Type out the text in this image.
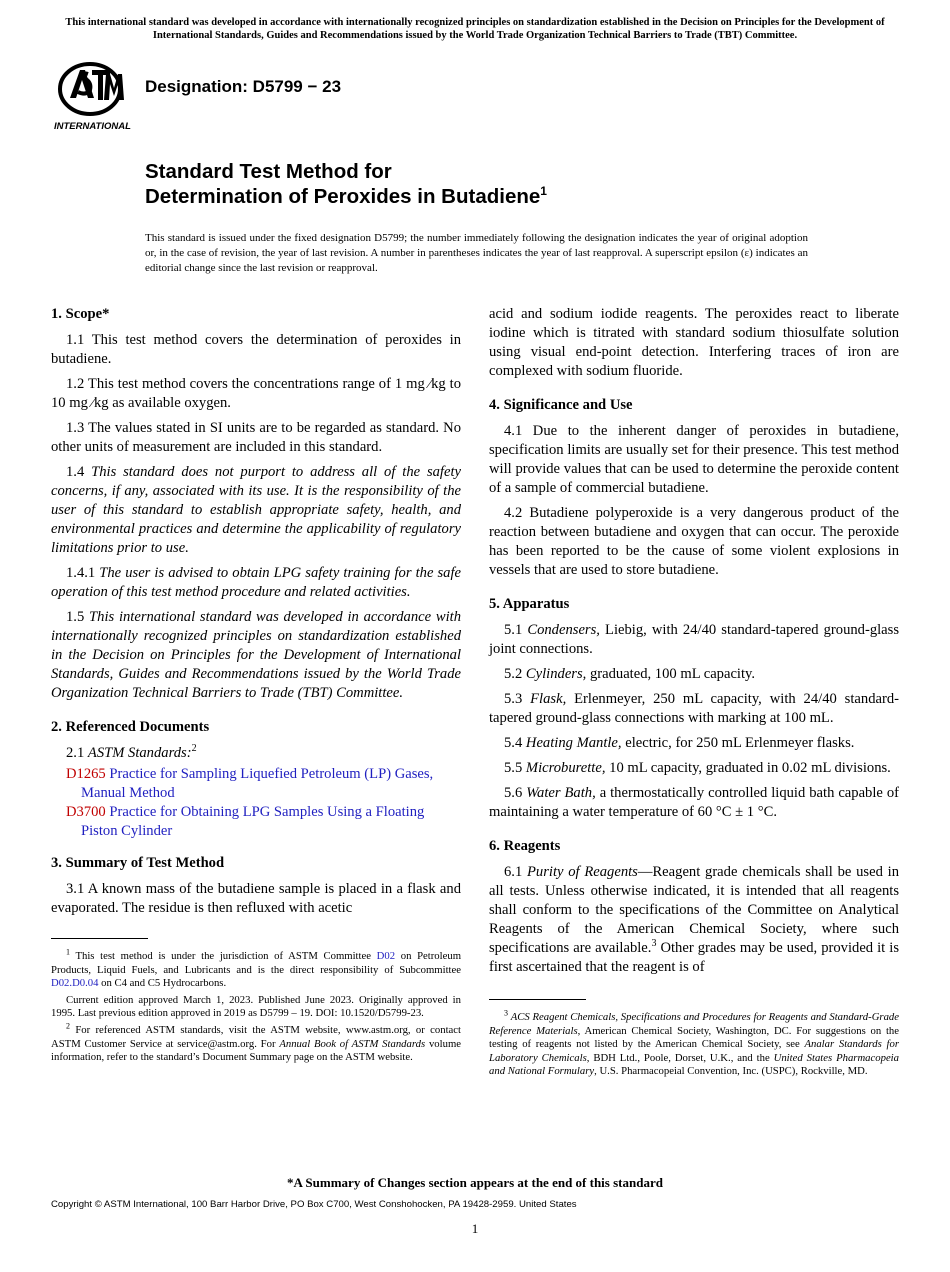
This international standard was developed in accordance with internationally recognized principles on standardization established in the Decision on Principles for the Development of International Standards, Guides and Recommendations issued by the World Trade Organization Technical Barriers to Trade (TBT) Committee.
INTERNATIONAL
Designation: D5799 − 23
Standard Test Method for
Determination of Peroxides in Butadiene$^1$
This standard is issued under the fixed designation D5799; the number immediately following the designation indicates the year of original adoption or, in the case of revision, the year of last revision. A number in parentheses indicates the year of last reapproval. A superscript epsilon (ε) indicates an editorial change since the last revision or reapproval.
1. Scope*

1.1 This test method covers the determination of peroxides in butadiene.

1.2 This test method covers the concentrations range of 1 mg ⁄kg to 10 mg ⁄kg as available oxygen.

1.3 The values stated in SI units are to be regarded as standard. No other units of measurement are included in this standard.

1.4 This standard does not purport to address all of the safety concerns, if any, associated with its use. It is the responsibility of the user of this standard to establish appropriate safety, health, and environmental practices and determine the applicability of regulatory limitations prior to use.

1.4.1 The user is advised to obtain LPG safety training for the safe operation of this test method procedure and related activities.

1.5 This international standard was developed in accordance with internationally recognized principles on standardization established in the Decision on Principles for the Development of International Standards, Guides and Recommendations issued by the World Trade Organization Technical Barriers to Trade (TBT) Committee.

2. Referenced Documents

2.1 ASTM Standards:$^2$

D1265 Practice for Sampling Liquefied Petroleum (LP) Gases, Manual Method

D3700 Practice for Obtaining LPG Samples Using a Floating Piston Cylinder

3. Summary of Test Method

3.1 A known mass of the butadiene sample is placed in a flask and evaporated. The residue is then refluxed with acetic

$^1$ This test method is under the jurisdiction of ASTM Committee D02 on Petroleum Products, Liquid Fuels, and Lubricants and is the direct responsibility of Subcommittee D02.D0.04 on C4 and C5 Hydrocarbons.

Current edition approved March 1, 2023. Published June 2023. Originally approved in 1995. Last previous edition approved in 2019 as D5799 – 19. DOI: 10.1520/D5799-23.

$^2$ For referenced ASTM standards, visit the ASTM website, www.astm.org, or contact ASTM Customer Service at service@astm.org. For Annual Book of ASTM Standards volume information, refer to the standard’s Document Summary page on the ASTM website.

acid and sodium iodide reagents. The peroxides react to liberate iodine which is titrated with standard sodium thiosulfate solution using visual end-point detection. Interfering traces of iron are complexed with sodium fluoride.

4. Significance and Use

4.1 Due to the inherent danger of peroxides in butadiene, specification limits are usually set for their presence. This test method will provide values that can be used to determine the peroxide content of a sample of commercial butadiene.

4.2 Butadiene polyperoxide is a very dangerous product of the reaction between butadiene and oxygen that can occur. The peroxide has been reported to be the cause of some violent explosions in vessels that are used to store butadiene.

5. Apparatus

5.1 Condensers, Liebig, with 24/40 standard-tapered ground-glass joint connections.

5.2 Cylinders, graduated, 100 mL capacity.

5.3 Flask, Erlenmeyer, 250 mL capacity, with 24/40 standard-tapered ground-glass connections with marking at 100 mL.

5.4 Heating Mantle, electric, for 250 mL Erlenmeyer flasks.

5.5 Microburette, 10 mL capacity, graduated in 0.02 mL divisions.

5.6 Water Bath, a thermostatically controlled liquid bath capable of maintaining a water temperature of 60 °C ± 1 °C.

6. Reagents

6.1 Purity of Reagents—Reagent grade chemicals shall be used in all tests. Unless otherwise indicated, it is intended that all reagents shall conform to the specifications of the Committee on Analytical Reagents of the American Chemical Society, where such specifications are available.$^3$ Other grades may be used, provided it is first ascertained that the reagent is of

$^3$ ACS Reagent Chemicals, Specifications and Procedures for Reagents and Standard-Grade Reference Materials, American Chemical Society, Washington, DC. For suggestions on the testing of reagents not listed by the American Chemical Society, see Analar Standards for Laboratory Chemicals, BDH Ltd., Poole, Dorset, U.K., and the United States Pharmacopeia and National Formulary, U.S. Pharmacopeial Convention, Inc. (USPC), Rockville, MD.

*A Summary of Changes section appears at the end of this standard
Copyright © ASTM International, 100 Barr Harbor Drive, PO Box C700, West Conshohocken, PA 19428-2959. United States
1
